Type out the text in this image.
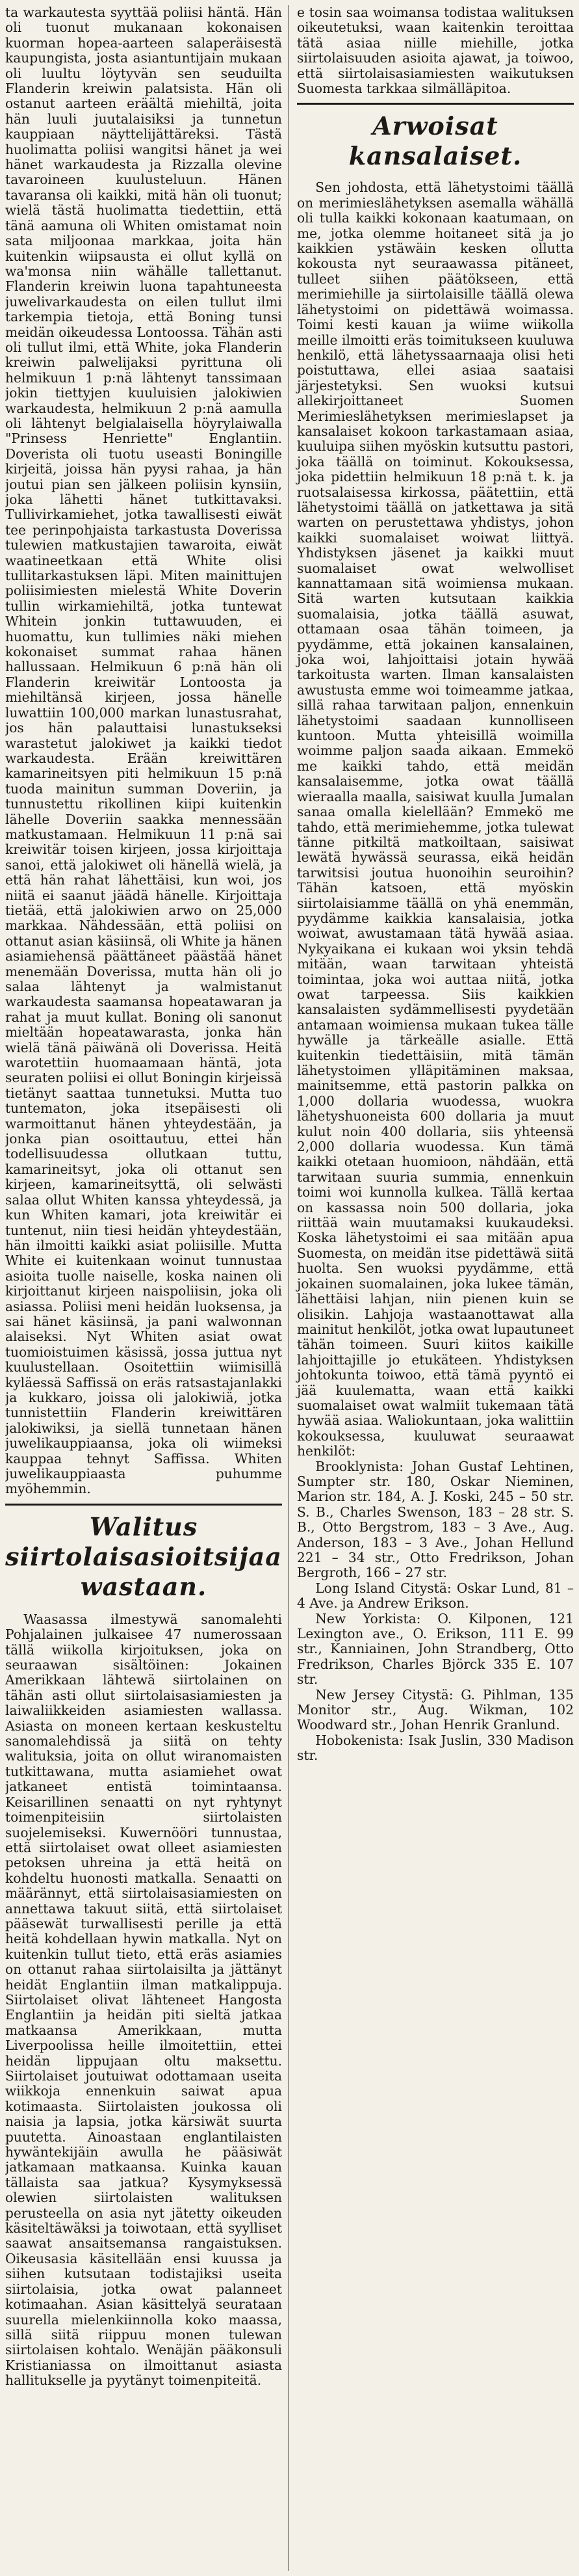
ta warkautesta syyttää poliisi häntä. Hän oli tuonut mukanaan kokonaisen kuorman hopea-aarteen salaperäisestä kaupungista, josta asiantuntijain mukaan oli luultu löytyvän sen seuduilta Flanderin kreiwin palatsista. Hän oli ostanut aarteen eräältä miehiltä, joita hän luuli juutalaisiksi ja tunnetun kauppiaan näyttelijättäreksi. Tästä huolimatta poliisi wangitsi hänet ja wei hänet warkaudesta ja Rizzalla olevine tavaroineen kuulusteluun. Hänen tavaransa oli kaikki, mitä hän oli tuonut; wielä tästä huolimatta tiedettiin, että tänä aamuna oli Whiten omistamat noin sata miljoonaa markkaa, joita hän kuitenkin wiipsausta ei ollut kyllä on wa'monsa niin wähälle tallettanut. Flanderin kreiwin luona tapahtuneesta juwelivarkaudesta on eilen tullut ilmi tarkempia tietoja, että Boning tunsi meidän oikeudessa Lontoossa. Tähän asti oli tullut ilmi, että White, joka Flanderin kreiwin palwelijaksi pyrittuna oli helmikuun 1 p:nä lähtenyt tanssimaan jokin tiettyjen kuuluisien jalokiwien warkaudesta, helmikuun 2 p:nä aamulla oli lähtenyt belgialaisella höyrylaiwalla "Prinsess Henriette" Englantiin. Doverista oli tuotu useasti Boningille kirjeitä, joissa hän pyysi rahaa, ja hän joutui pian sen jälkeen poliisin kynsiin, joka lähetti hänet tutkittavaksi. Tullivirkamiehet, jotka tawallisesti eiwät tee perinpohjaista tarkastusta Doverissa tulewien matkustajien tawaroita, eiwät waatineetkaan että White olisi tullitarkastuksen läpi. Miten mainittujen poliisimiesten mielestä White Doverin tullin wirkamiehiltä, jotka tuntewat Whitein jonkin tuttawuuden, ei huomattu, kun tullimies näki miehen kokonaiset summat rahaa hänen hallussaan. Helmikuun 6 p:nä hän oli Flanderin kreiwitär Lontoosta ja miehiltänsä kirjeen, jossa hänelle luwattiin 100,000 markan lunastusrahat, jos hän palauttaisi lunastukseksi warastetut jalokiwet ja kaikki tiedot warkaudesta. Erään kreiwittären kamarineitsyen piti helmikuun 15 p:nä tuoda mainitun summan Doveriin, ja tunnustettu rikollinen kiipi kuitenkin lähelle Doveriin saakka mennessään matkustamaan. Helmikuun 11 p:nä sai kreiwitär toisen kirjeen, jossa kirjoittaja sanoi, että jalokiwet oli hänellä wielä, ja että hän rahat lähettäisi, kun woi, jos niitä ei saanut jäädä hänelle. Kirjoittaja tietää, että jalokiwien arwo on 25,000 markkaa. Nähdessään, että poliisi on ottanut asian käsiinsä, oli White ja hänen asiamiehensä päättäneet päästää hänet menemään Doverissa, mutta hän oli jo salaa lähtenyt ja walmistanut warkaudesta saamansa hopeatawaran ja rahat ja muut kullat. Boning oli sanonut mieltään hopeatawarasta, jonka hän wielä tänä päiwänä oli Doverissa. Heitä warotettiin huomaamaan häntä, jota seuraten poliisi ei ollut Boningin kirjeissä tietänyt saattaa tunnetuksi. Mutta tuo tuntematon, joka itsepäisesti oli warmoittanut hänen yhteydestään, ja jonka pian osoittautuu, ettei hän todellisuudessa ollutkaan tuttu, kamarineitsyt, joka oli ottanut sen kirjeen, kamarineitsyttä, oli selwästi salaa ollut Whiten kanssa yhteydessä, ja kun Whiten kamari, jota kreiwitär ei tuntenut, niin tiesi heidän yhteydestään, hän ilmoitti kaikki asiat poliisille. Mutta White ei kuitenkaan woinut tunnustaa asioita tuolle naiselle, koska nainen oli kirjoittanut kirjeen naispoliisin, joka oli asiassa. Poliisi meni heidän luoksensa, ja sai hänet käsiinsä, ja pani walwonnan alaiseksi. Nyt Whiten asiat owat tuomioistuimen käsissä, jossa juttua nyt kuulustellaan. Osoitettiin wiimisillä kyläessä Saffissä on eräs ratsastajanlakki ja kukkaro, joissa oli jalokiwiä, jotka tunnistettiin Flanderin kreiwittären jalokiwiksi, ja siellä tunnetaan hänen juwelikauppiaansa, joka oli wiimeksi kauppaa tehnyt Saffissa. Whiten juwelikauppiaasta puhumme myöhemmin.

Walitus siirtolaisasioitsijaa wastaan.

Waasassa ilmestywä sanomalehti Pohjalainen julkaisee 47 numerossaan tällä wiikolla kirjoituksen, joka on seuraawan sisältöinen: Jokainen Amerikkaan lähtewä siirtolainen on tähän asti ollut siirtolaisasiamiesten ja laiwaliikkeiden asiamiesten wallassa. Asiasta on moneen kertaan keskusteltu sanomalehdissä ja siitä on tehty walituksia, joita on ollut wiranomaisten tutkittawana, mutta asiamiehet owat jatkaneet entistä toimintaansa. Keisarillinen senaatti on nyt ryhtynyt toimenpiteisiin siirtolaisten suojelemiseksi. Kuwernööri tunnustaa, että siirtolaiset owat olleet asiamiesten petoksen uhreina ja että heitä on kohdeltu huonosti matkalla. Senaatti on määrännyt, että siirtolaisasiamiesten on annettawa takuut siitä, että siirtolaiset pääsewät turwallisesti perille ja että heitä kohdellaan hywin matkalla. Nyt on kuitenkin tullut tieto, että eräs asiamies on ottanut rahaa siirtolaisilta ja jättänyt heidät Englantiin ilman matkalippuja. Siirtolaiset olivat lähteneet Hangosta Englantiin ja heidän piti sieltä jatkaa matkaansa Amerikkaan, mutta Liverpoolissa heille ilmoitettiin, ettei heidän lippujaan oltu maksettu. Siirtolaiset joutuiwat odottamaan useita wiikkoja ennenkuin saiwat apua kotimaasta. Siirtolaisten joukossa oli naisia ja lapsia, jotka kärsiwät suurta puutetta. Ainoastaan englantilaisten hywäntekijäin awulla he pääsiwät jatkamaan matkaansa. Kuinka kauan tällaista saa jatkua? Kysymyksessä olewien siirtolaisten walituksen perusteella on asia nyt jätetty oikeuden käsiteltäwäksi ja toiwotaan, että syylliset saawat ansaitsemansa rangaistuksen. Oikeusasia käsitellään ensi kuussa ja siihen kutsutaan todistajiksi useita siirtolaisia, jotka owat palanneet kotimaahan. Asian käsittelyä seurataan suurella mielenkiinnolla koko maassa, sillä siitä riippuu monen tulewan siirtolaisen kohtalo. Wenäjän pääkonsuli Kristianiassa on ilmoittanut asiasta hallitukselle ja pyytänyt toimenpiteitä.

e tosin saa woimansa todistaa walituksen oikeutetuksi, waan kaitenkin teroittaa tätä asiaa niille miehille, jotka siirtolaisuuden asioita ajawat, ja toiwoo, että siirtolaisasiamiesten waikutuksen Suomesta tarkkaa silmälläpitoa.

Arwoisat kansalaiset.

Sen johdosta, että lähetystoimi täällä on merimieslähetyksen asemalla wähällä oli tulla kaikki kokonaan kaatumaan, on me, jotka olemme hoitaneet sitä ja jo kaikkien ystäwäin kesken ollutta kokousta nyt seuraawassa pitäneet, tulleet siihen päätökseen, että merimiehille ja siirtolaisille täällä olewa lähetystoimi on pidettäwä woimassa. Toimi kesti kauan ja wiime wiikolla meille ilmoitti eräs toimitukseen kuuluwa henkilö, että lähetyssaarnaaja olisi heti poistuttawa, ellei asiaa saataisi järjestetyksi. Sen wuoksi kutsui allekirjoittaneet Suomen Merimieslähetyksen merimieslapset ja kansalaiset kokoon tarkastamaan asiaa, kuuluipa siihen myöskin kutsuttu pastori, joka täällä on toiminut. Kokouksessa, joka pidettiin helmikuun 18 p:nä t. k. ja ruotsalaisessa kirkossa, päätettiin, että lähetystoimi täällä on jatkettawa ja sitä warten on perustettawa yhdistys, johon kaikki suomalaiset woiwat liittyä. Yhdistyksen jäsenet ja kaikki muut suomalaiset owat welwolliset kannattamaan sitä woimiensa mukaan. Sitä warten kutsutaan kaikkia suomalaisia, jotka täällä asuwat, ottamaan osaa tähän toimeen, ja pyydämme, että jokainen kansalainen, joka woi, lahjoittaisi jotain hywää tarkoitusta warten. Ilman kansalaisten awustusta emme woi toimeamme jatkaa, sillä rahaa tarwitaan paljon, ennenkuin lähetystoimi saadaan kunnolliseen kuntoon. Mutta yhteisillä woimilla woimme paljon saada aikaan. Emmekö me kaikki tahdo, että meidän kansalaisemme, jotka owat täällä wieraalla maalla, saisiwat kuulla Jumalan sanaa omalla kielellään? Emmekö me tahdo, että merimiehemme, jotka tulewat tänne pitkiltä matkoiltaan, saisiwat lewätä hywässä seurassa, eikä heidän tarwitsisi joutua huonoihin seuroihin? Tähän katsoen, että myöskin siirtolaisiamme täällä on yhä enemmän, pyydämme kaikkia kansalaisia, jotka woiwat, awustamaan tätä hywää asiaa. Nykyaikana ei kukaan woi yksin tehdä mitään, waan tarwitaan yhteistä toimintaa, joka woi auttaa niitä, jotka owat tarpeessa. Siis kaikkien kansalaisten sydämmellisesti pyydetään antamaan woimiensa mukaan tukea tälle hywälle ja tärkeälle asialle. Että kuitenkin tiedettäisiin, mitä tämän lähetystoimen ylläpitäminen maksaa, mainitsemme, että pastorin palkka on 1,000 dollaria wuodessa, wuokra lähetyshuoneista 600 dollaria ja muut kulut noin 400 dollaria, siis yhteensä 2,000 dollaria wuodessa. Kun tämä kaikki otetaan huomioon, nähdään, että tarwitaan suuria summia, ennenkuin toimi woi kunnolla kulkea. Tällä kertaa on kassassa noin 500 dollaria, joka riittää wain muutamaksi kuukaudeksi. Koska lähetystoimi ei saa mitään apua Suomesta, on meidän itse pidettäwä siitä huolta. Sen wuoksi pyydämme, että jokainen suomalainen, joka lukee tämän, lähettäisi lahjan, niin pienen kuin se olisikin. Lahjoja wastaanottawat alla mainitut henkilöt, jotka owat lupautuneet tähän toimeen. Suuri kiitos kaikille lahjoittajille jo etukäteen. Yhdistyksen johtokunta toiwoo, että tämä pyyntö ei jää kuulematta, waan että kaikki suomalaiset owat walmiit tukemaan tätä hywää asiaa. Waliokuntaan, joka walittiin kokouksessa, kuuluwat seuraawat henkilöt:

Brooklynista: Johan Gustaf Lehtinen, Sumpter str. 180, Oskar Nieminen, Marion str. 184, A. J. Koski, 245 – 50 str. S. B., Charles Swenson, 183 – 28 str. S. B., Otto Bergstrom, 183 – 3 Ave., Aug. Anderson, 183 – 3 Ave., Johan Hellund 221 – 34 str., Otto Fredrikson, Johan Bergroth, 166 – 27 str.

Long Island Citystä: Oskar Lund, 81 – 4 Ave. ja Andrew Erikson.

New Yorkista: O. Kilponen, 121 Lexington ave., O. Erikson, 111 E. 99 str., Kanniainen, John Strandberg, Otto Fredrikson, Charles Björck 335 E. 107 str.

New Jersey Citystä: G. Pihlman, 135 Monitor str., Aug. Wikman, 102 Woodward str., Johan Henrik Granlund.

Hobokenista: Isak Juslin, 330 Madison str.
